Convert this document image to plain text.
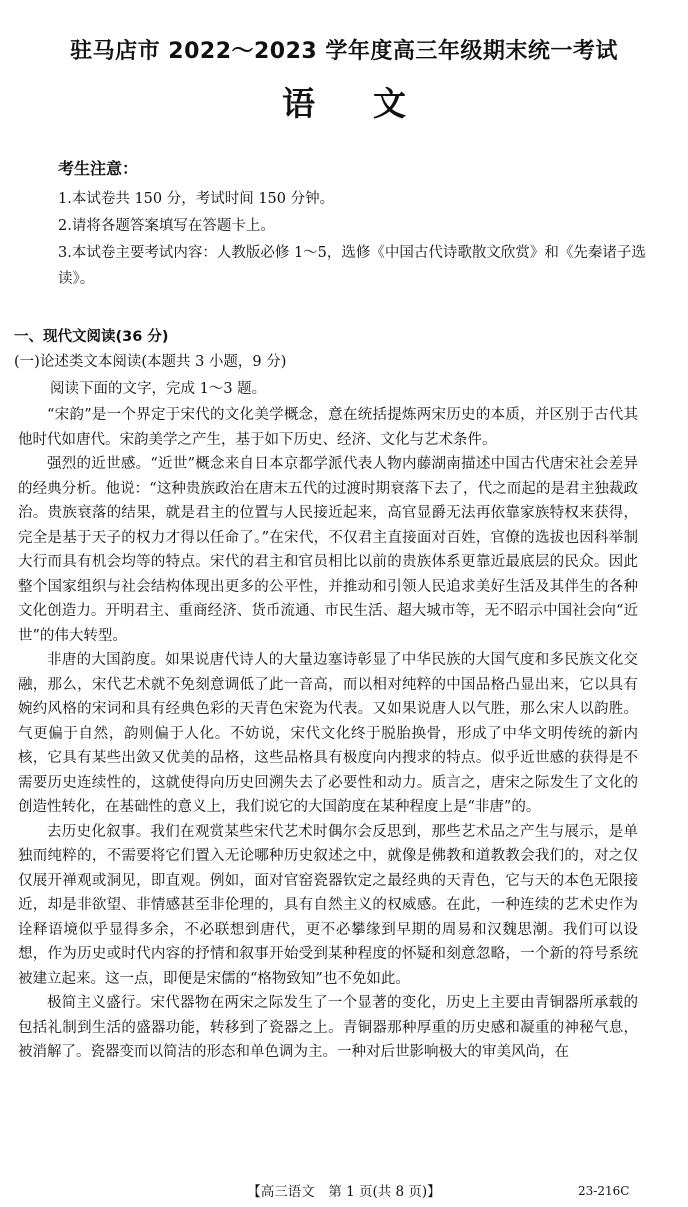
驻马店市 2022～2023 学年度高三年级期末统一考试
语文
考生注意：
1.本试卷共 150 分，考试时间 150 分钟。
2.请将各题答案填写在答题卡上。
3.本试卷主要考试内容：人教版必修 1～5，选修《中国古代诗歌散文欣赏》和《先秦诸子选读》。
一、现代文阅读(36 分)
(一)论述类文本阅读(本题共 3 小题，9 分)
阅读下面的文字，完成 1～3 题。

“宋韵”是一个界定于宋代的文化美学概念，意在统括提炼两宋历史的本质，并区别于古代其他时代如唐代。宋韵美学之产生，基于如下历史、经济、文化与艺术条件。

强烈的近世感。“近世”概念来自日本京都学派代表人物内藤湖南描述中国古代唐宋社会差异的经典分析。他说：“这种贵族政治在唐末五代的过渡时期衰落下去了，代之而起的是君主独裁政治。贵族衰落的结果，就是君主的位置与人民接近起来，高官显爵无法再依靠家族特权来获得，完全是基于天子的权力才得以任命了。”在宋代，不仅君主直接面对百姓，官僚的选拔也因科举制大行而具有机会均等的特点。宋代的君主和官员相比以前的贵族体系更靠近最底层的民众。因此整个国家组织与社会结构体现出更多的公平性，并推动和引领人民追求美好生活及其伴生的各种文化创造力。开明君主、重商经济、货币流通、市民生活、超大城市等，无不昭示中国社会向“近世”的伟大转型。

非唐的大国韵度。如果说唐代诗人的大量边塞诗彰显了中华民族的大国气度和多民族文化交融，那么，宋代艺术就不免刻意调低了此一音高，而以相对纯粹的中国品格凸显出来，它以具有婉约风格的宋词和具有经典色彩的天青色宋瓷为代表。又如果说唐人以气胜，那么宋人以韵胜。气更偏于自然，韵则偏于人化。不妨说，宋代文化终于脱胎换骨，形成了中华文明传统的新内核，它具有某些出敛又优美的品格，这些品格具有极度向内搜求的特点。似乎近世感的获得是不需要历史连续性的，这就使得向历史回溯失去了必要性和动力。质言之，唐宋之际发生了文化的创造性转化，在基础性的意义上，我们说它的大国韵度在某种程度上是“非唐”的。

去历史化叙事。我们在观赏某些宋代艺术时偶尔会反思到，那些艺术品之产生与展示，是单独而纯粹的，不需要将它们置入无论哪种历史叙述之中，就像是佛教和道教教会我们的，对之仅仅展开禅观或洞见，即直观。例如，面对官窑瓷器钦定之最经典的天青色，它与天的本色无限接近，却是非欲望、非情感甚至非伦理的，具有自然主义的权威感。在此，一种连续的艺术史作为诠释语境似乎显得多余，不必联想到唐代，更不必攀缘到早期的周易和汉魏思潮。我们可以设想，作为历史或时代内容的抒情和叙事开始受到某种程度的怀疑和刻意忽略，一个新的符号系统被建立起来。这一点，即便是宋儒的“格物致知”也不免如此。

极简主义盛行。宋代器物在两宋之际发生了一个显著的变化，历史上主要由青铜器所承载的包括礼制到生活的盛器功能，转移到了瓷器之上。青铜器那种厚重的历史感和凝重的神秘气息，被消解了。瓷器变而以简洁的形态和单色调为主。一种对后世影响极大的审美风尚，在

【高三语文　第 1 页(共 8 页)】	23-216C
